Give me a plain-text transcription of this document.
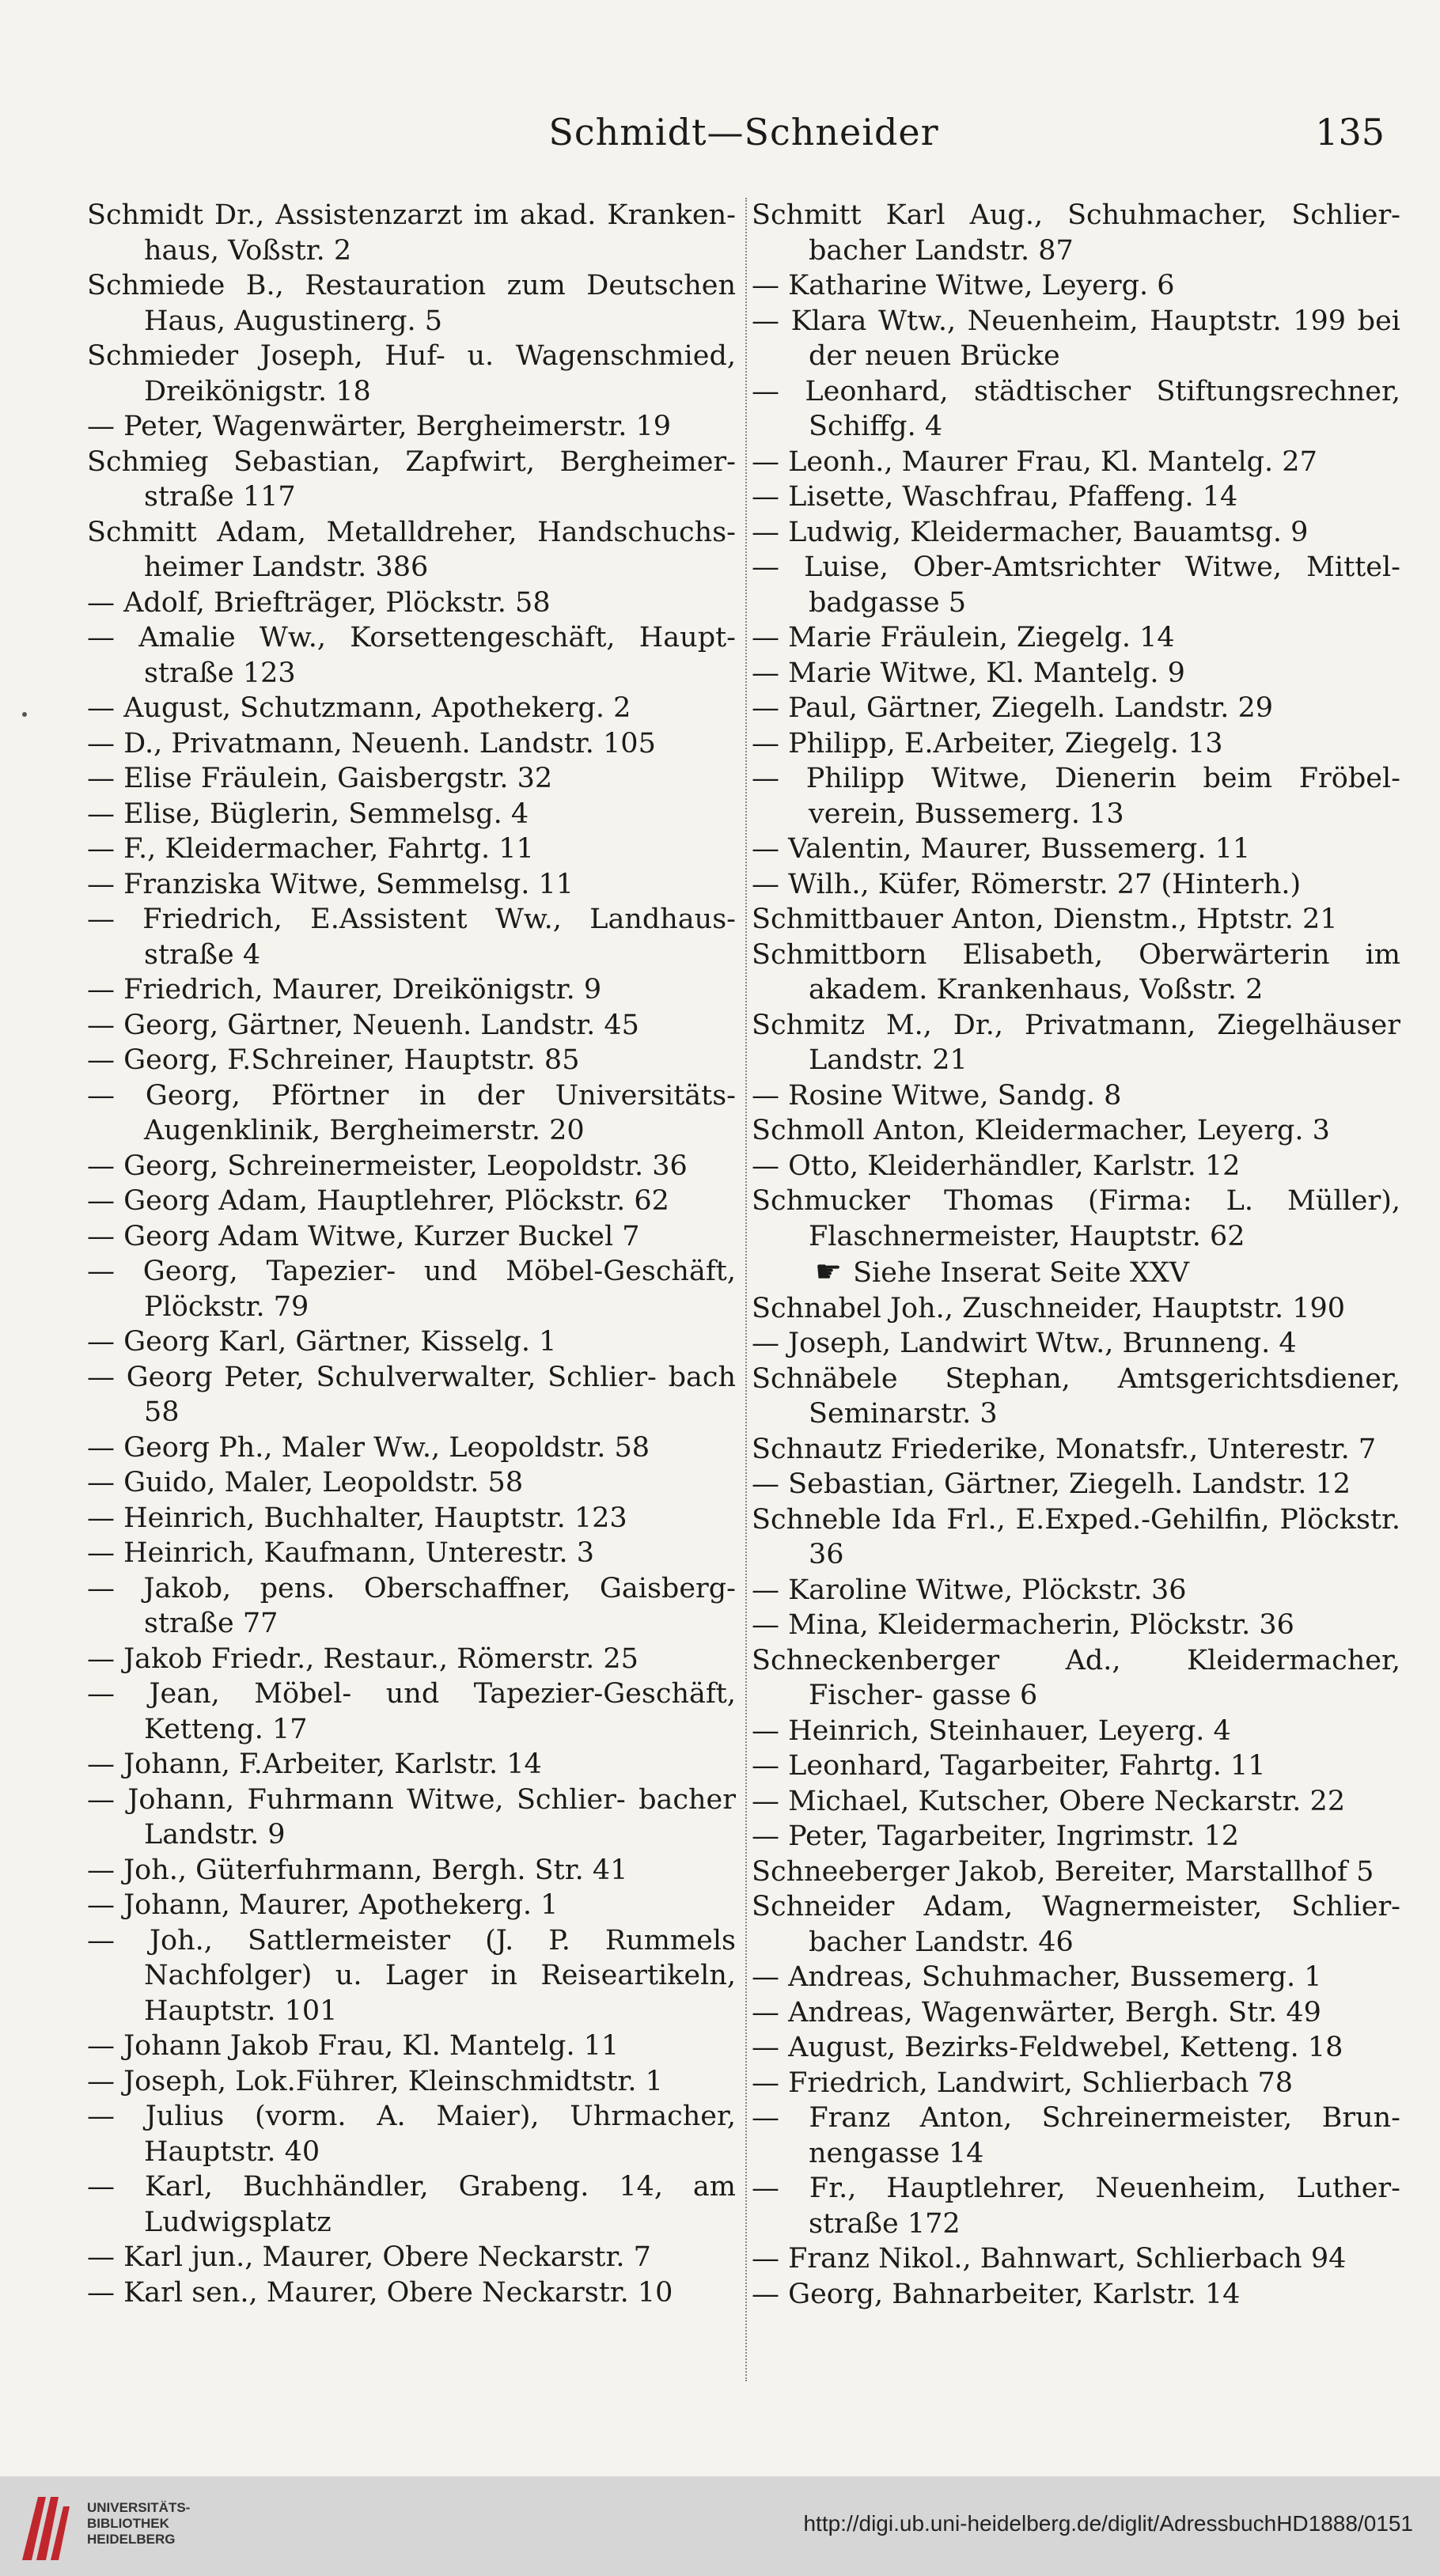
Schmidt—Schneider	135
Schmidt Dr., Assistenzarzt im akad. Kranken- haus, Voßstr. 2
Schmiede B., Restauration zum Deutschen Haus, Augustinerg. 5
Schmieder Joseph, Huf- u. Wagenschmied, Dreikönigstr. 18
— Peter, Wagenwärter, Bergheimerstr. 19
Schmieg Sebastian, Zapfwirt, Bergheimer- straße 117
Schmitt Adam, Metalldreher, Handschuchs- heimer Landstr. 386
— Adolf, Briefträger, Plöckstr. 58
— Amalie Ww., Korsettengeschäft, Haupt- straße 123
— August, Schutzmann, Apothekerg. 2
— D., Privatmann, Neuenh. Landstr. 105
— Elise Fräulein, Gaisbergstr. 32
— Elise, Büglerin, Semmelsg. 4
— F., Kleidermacher, Fahrtg. 11
— Franziska Witwe, Semmelsg. 11
— Friedrich, E.Assistent Ww., Landhaus- straße 4
— Friedrich, Maurer, Dreikönigstr. 9
— Georg, Gärtner, Neuenh. Landstr. 45
— Georg, F.Schreiner, Hauptstr. 85
— Georg, Pförtner in der Universitäts- Augenklinik, Bergheimerstr. 20
— Georg, Schreinermeister, Leopoldstr. 36
— Georg Adam, Hauptlehrer, Plöckstr. 62
— Georg Adam Witwe, Kurzer Buckel 7
— Georg, Tapezier- und Möbel-Geschäft, Plöckstr. 79
— Georg Karl, Gärtner, Kisselg. 1
— Georg Peter, Schulverwalter, Schlier- bach 58
— Georg Ph., Maler Ww., Leopoldstr. 58
— Guido, Maler, Leopoldstr. 58
— Heinrich, Buchhalter, Hauptstr. 123
— Heinrich, Kaufmann, Unterestr. 3
— Jakob, pens. Oberschaffner, Gaisberg- straße 77
— Jakob Friedr., Restaur., Römerstr. 25
— Jean, Möbel- und Tapezier-Geschäft, Ketteng. 17
— Johann, F.Arbeiter, Karlstr. 14
— Johann, Fuhrmann Witwe, Schlier- bacher Landstr. 9
— Joh., Güterfuhrmann, Bergh. Str. 41
— Johann, Maurer, Apothekerg. 1
— Joh., Sattlermeister (J. P. Rummels Nachfolger) u. Lager in Reiseartikeln, Hauptstr. 101
— Johann Jakob Frau, Kl. Mantelg. 11
— Joseph, Lok.Führer, Kleinschmidtstr. 1
— Julius (vorm. A. Maier), Uhrmacher, Hauptstr. 40
— Karl, Buchhändler, Grabeng. 14, am Ludwigsplatz
— Karl jun., Maurer, Obere Neckarstr. 7
— Karl sen., Maurer, Obere Neckarstr. 10
Schmitt Karl Aug., Schuhmacher, Schlier- bacher Landstr. 87
— Katharine Witwe, Leyerg. 6
— Klara Wtw., Neuenheim, Hauptstr. 199 bei der neuen Brücke
— Leonhard, städtischer Stiftungsrechner, Schiffg. 4
— Leonh., Maurer Frau, Kl. Mantelg. 27
— Lisette, Waschfrau, Pfaffeng. 14
— Ludwig, Kleidermacher, Bauamtsg. 9
— Luise, Ober-Amtsrichter Witwe, Mittel- badgasse 5
— Marie Fräulein, Ziegelg. 14
— Marie Witwe, Kl. Mantelg. 9
— Paul, Gärtner, Ziegelh. Landstr. 29
— Philipp, E.Arbeiter, Ziegelg. 13
— Philipp Witwe, Dienerin beim Fröbel- verein, Bussemerg. 13
— Valentin, Maurer, Bussemerg. 11
— Wilh., Küfer, Römerstr. 27 (Hinterh.)
Schmittbauer Anton, Dienstm., Hptstr. 21
Schmittborn Elisabeth, Oberwärterin im akadem. Krankenhaus, Voßstr. 2
Schmitz M., Dr., Privatmann, Ziegelhäuser Landstr. 21
— Rosine Witwe, Sandg. 8
Schmoll Anton, Kleidermacher, Leyerg. 3
— Otto, Kleiderhändler, Karlstr. 12
Schmucker Thomas (Firma: L. Müller), Flaschnermeister, Hauptstr. 62
☛ Siehe Inserat Seite XXV
Schnabel Joh., Zuschneider, Hauptstr. 190
— Joseph, Landwirt Wtw., Brunneng. 4
Schnäbele Stephan, Amtsgerichtsdiener, Seminarstr. 3
Schnautz Friederike, Monatsfr., Unterestr. 7
— Sebastian, Gärtner, Ziegelh. Landstr. 12
Schneble Ida Frl., E.Exped.-Gehilfin, Plöckstr. 36
— Karoline Witwe, Plöckstr. 36
— Mina, Kleidermacherin, Plöckstr. 36
Schneckenberger Ad., Kleidermacher, Fischer- gasse 6
— Heinrich, Steinhauer, Leyerg. 4
— Leonhard, Tagarbeiter, Fahrtg. 11
— Michael, Kutscher, Obere Neckarstr. 22
— Peter, Tagarbeiter, Ingrimstr. 12
Schneeberger Jakob, Bereiter, Marstallhof 5
Schneider Adam, Wagnermeister, Schlier- bacher Landstr. 46
— Andreas, Schuhmacher, Bussemerg. 1
— Andreas, Wagenwärter, Bergh. Str. 49
— August, Bezirks-Feldwebel, Ketteng. 18
— Friedrich, Landwirt, Schlierbach 78
— Franz Anton, Schreinermeister, Brun- nengasse 14
— Fr., Hauptlehrer, Neuenheim, Luther- straße 172
— Franz Nikol., Bahnwart, Schlierbach 94
— Georg, Bahnarbeiter, Karlstr. 14
UNIVERSITÄTS-
BIBLIOTHEK
HEIDELBERG
http://digi.ub.uni-heidelberg.de/diglit/AdressbuchHD1888/0151
